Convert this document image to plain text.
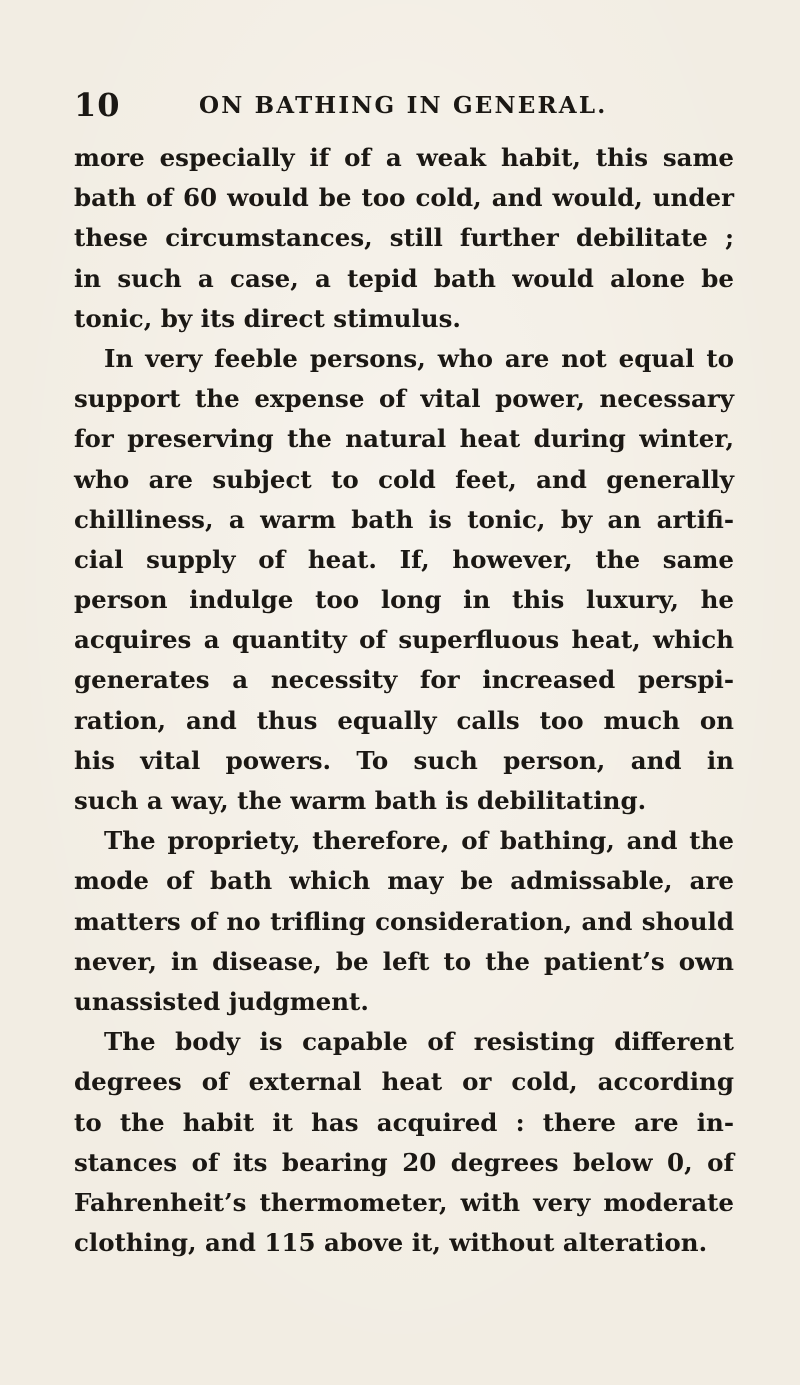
10	ON BATHING IN GENERAL.
more especially if of a weak habit, this same
bath of 60 would be too cold, and would, under
these circumstances, still further debilitate ;
in such a case, a tepid bath would alone be
tonic, by its direct stimulus.
In very feeble persons, who are not equal to
support the expense of vital power, necessary
for preserving the natural heat during winter,
who are subject to cold feet, and generally
chilliness, a warm bath is tonic, by an artifi-
cial supply of heat. If, however, the same
person indulge too long in this luxury, he
acquires a quantity of superfluous heat, which
generates a necessity for increased perspi-
ration, and thus equally calls too much on
his vital powers. To such person, and in
such a way, the warm bath is debilitating.
The propriety, therefore, of bathing, and the
mode of bath which may be admissable, are
matters of no trifling consideration, and should
never, in disease, be left to the patient’s own
unassisted judgment.
The body is capable of resisting different
degrees of external heat or cold, according
to the habit it has acquired : there are in-
stances of its bearing 20 degrees below 0, of
Fahrenheit’s thermometer, with very moderate
clothing, and 115 above it, without alteration.
